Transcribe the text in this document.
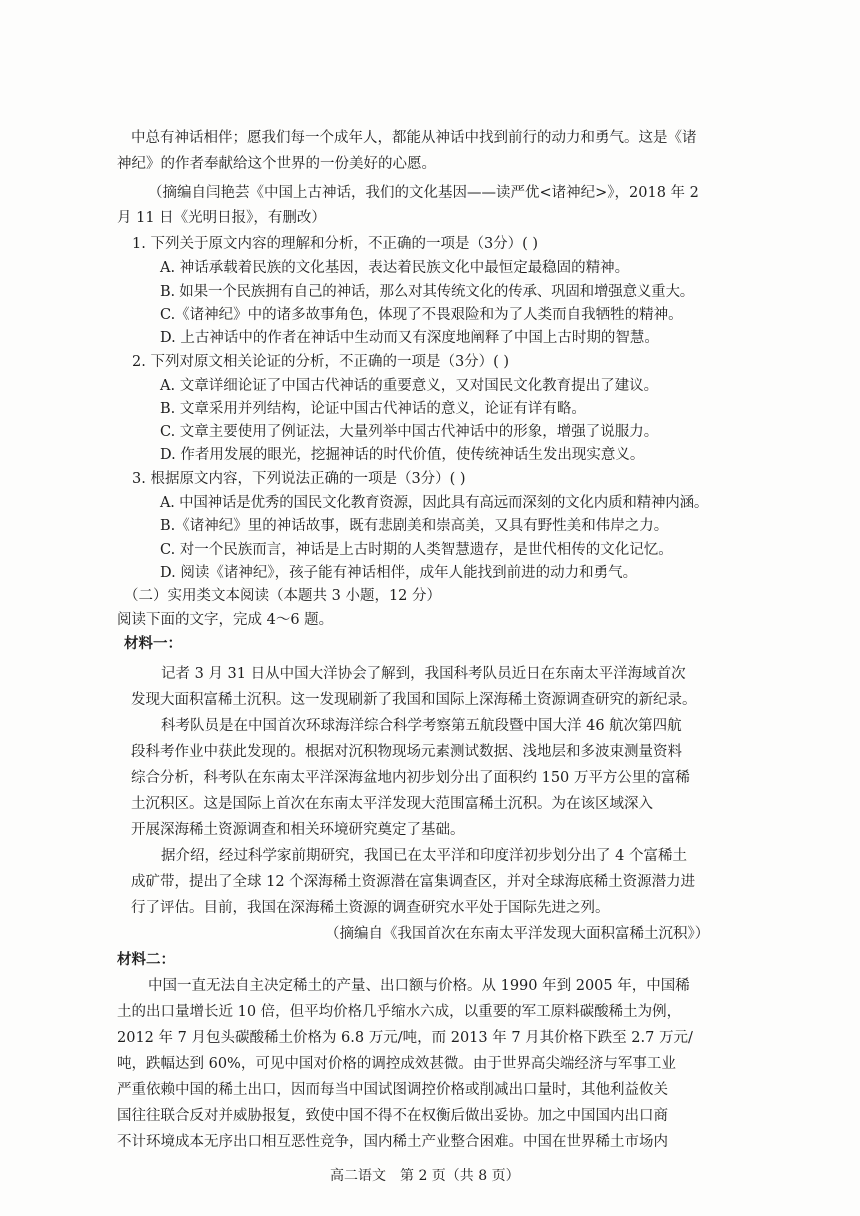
中总有神话相伴；愿我们每一个成年人，都能从神话中找到前行的动力和勇气。这是《诸
神纪》的作者奉献给这个世界的一份美好的心愿。
（摘编自闫艳芸《中国上古神话，我们的文化基因——读严优<诸神纪>》，2018 年 2
月 11 日《光明日报》，有删改）
1. 下列关于原文内容的理解和分析，不正确的一项是（3分）( )
A. 神话承载着民族的文化基因，表达着民族文化中最恒定最稳固的精神。
B. 如果一个民族拥有自己的神话，那么对其传统文化的传承、巩固和增强意义重大。
C.《诸神纪》中的诸多故事角色，体现了不畏艰险和为了人类而自我牺牲的精神。
D. 上古神话中的作者在神话中生动而又有深度地阐释了中国上古时期的智慧。
2. 下列对原文相关论证的分析，不正确的一项是（3分）( )
A. 文章详细论证了中国古代神话的重要意义，又对国民文化教育提出了建议。
B. 文章采用并列结构，论证中国古代神话的意义，论证有详有略。
C. 文章主要使用了例证法，大量列举中国古代神话中的形象，增强了说服力。
D. 作者用发展的眼光，挖掘神话的时代价值，使传统神话生发出现实意义。
3. 根据原文内容，下列说法正确的一项是（3分）( )
A. 中国神话是优秀的国民文化教育资源，因此具有高远而深刻的文化内质和精神内涵。
B.《诸神纪》里的神话故事，既有悲剧美和崇高美，又具有野性美和伟岸之力。
C. 对一个民族而言，神话是上古时期的人类智慧遗存，是世代相传的文化记忆。
D. 阅读《诸神纪》，孩子能有神话相伴，成年人能找到前进的动力和勇气。
（二）实用类文本阅读（本题共 3 小题，12 分）
阅读下面的文字，完成 4～6 题。
材料一：
记者 3 月 31 日从中国大洋协会了解到，我国科考队员近日在东南太平洋海域首次
发现大面积富稀土沉积。这一发现刷新了我国和国际上深海稀土资源调查研究的新纪录。
科考队员是在中国首次环球海洋综合科学考察第五航段暨中国大洋 46 航次第四航
段科考作业中获此发现的。根据对沉积物现场元素测试数据、浅地层和多波束测量资料
综合分析，科考队在东南太平洋深海盆地内初步划分出了面积约 150 万平方公里的富稀
土沉积区。这是国际上首次在东南太平洋发现大范围富稀土沉积。为在该区域深入
开展深海稀土资源调查和相关环境研究奠定了基础。
据介绍，经过科学家前期研究，我国已在太平洋和印度洋初步划分出了 4 个富稀土
成矿带，提出了全球 12 个深海稀土资源潜在富集调查区，并对全球海底稀土资源潜力进
行了评估。目前，我国在深海稀土资源的调查研究水平处于国际先进之列。
（摘编自《我国首次在东南太平洋发现大面积富稀土沉积》）
材料二：
中国一直无法自主决定稀土的产量、出口额与价格。从 1990 年到 2005 年，中国稀
土的出口量增长近 10 倍，但平均价格几乎缩水六成，以重要的军工原料碳酸稀土为例，
2012 年 7 月包头碳酸稀土价格为 6.8 万元/吨，而 2013 年 7 月其价格下跌至 2.7 万元/
吨，跌幅达到 60%，可见中国对价格的调控成效甚微。由于世界高尖端经济与军事工业
严重依赖中国的稀土出口，因而每当中国试图调控价格或削减出口量时，其他利益攸关
国往往联合反对并威胁报复，致使中国不得不在权衡后做出妥协。加之中国国内出口商
不计环境成本无序出口相互恶性竞争，国内稀土产业整合困难。中国在世界稀土市场内
高二语文　第 2 页（共 8 页）
